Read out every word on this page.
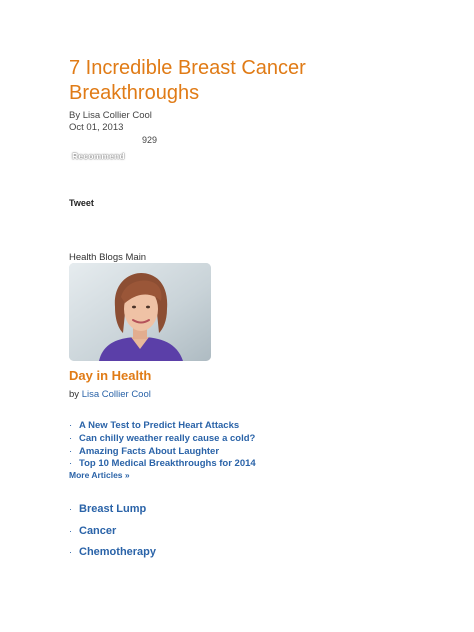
7 Incredible Breast Cancer Breakthroughs
By Lisa Collier Cool
Oct 01, 2013
929
Recommend
Tweet
Health Blogs Main
Day in Health
by Lisa Collier Cool
· A New Test to Predict Heart Attacks
· Can chilly weather really cause a cold?
· Amazing Facts About Laughter
· Top 10 Medical Breakthroughs for 2014
More Articles »
· Breast Lump
· Cancer
· Chemotherapy
